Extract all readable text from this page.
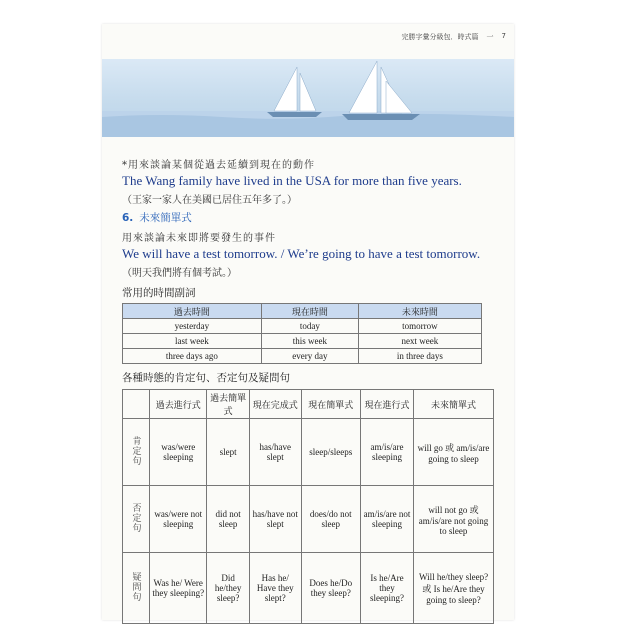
完勝字彙分級包．時式篇 一 7
*用來談論某個從過去延續到現在的動作
The Wang family have lived in the USA for more than five years.
（王家一家人在美國已居住五年多了。）
6. 未來簡單式
用來談論未來即將要發生的事件
We will have a test tomorrow. / We’re going to have a test tomorrow.
（明天我們將有個考試。）
常用的時間副詞
過去時間	現在時間	未來時間
yesterday	today	tomorrow
last week	this week	next week
three days ago	every day	in three days
各種時態的肯定句、否定句及疑問句
	過去進行式	過去簡單式	現在完成式	現在簡單式	現在進行式	未來簡單式
肯定句	was/were sleeping	slept	has/have slept	sleep/sleeps	am/is/are sleeping	will go 或 am/is/are going to sleep
否定句	was/were not sleeping	did not sleep	has/have not slept	does/do not sleep	am/is/are not sleeping	will not go 或 am/is/are not going to sleep
疑問句	Was he/ Were they sleeping?	Did he/they sleep?	Has he/ Have they slept?	Does he/Do they sleep?	Is he/Are they sleeping?	Will he/they sleep? 或 Is he/Are they going to sleep?
